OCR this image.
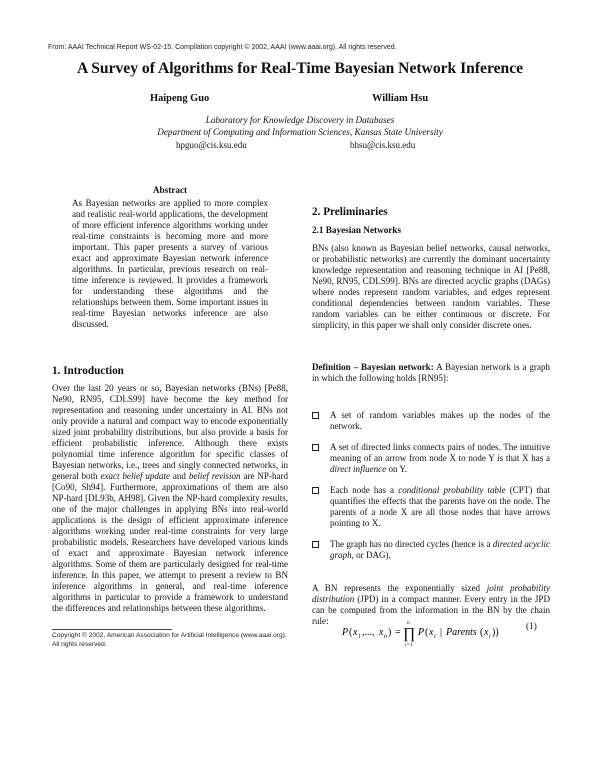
From: AAAI Technical Report WS-02-15. Compilation copyright © 2002, AAAI (www.aaai.org). All rights reserved.
A Survey of Algorithms for Real-Time Bayesian Network Inference
Haipeng Guo	William Hsu
Laboratory for Knowledge Discovery in Databases
Department of Computing and Information Sciences, Kansas State University
hpguo@cis.ksu.edu	bhsu@cis.ksu.edu
Abstract
As Bayesian networks are applied to more complex and realistic real-world applications, the development of more efficient inference algorithms working under real-time constraints is becoming more and more important. This paper presents a survey of various exact and approximate Bayesian network inference algorithms. In particular, previous research on real-time inference is reviewed. It provides a framework for understanding these algorithms and the relationships between them. Some important issues in real-time Bayesian networks inference are also discussed.
1. Introduction
Over the last 20 years or so, Bayesian networks (BNs) [Pe88, Ne90, RN95, CDLS99] have become the key method for representation and reasoning under uncertainty in AI. BNs not only provide a natural and compact way to encode exponentially sized joint probability distributions, but also provide a basis for efficient probabilistic inference. Although there exists polynomial time inference algorithm for specific classes of Bayesian networks, i.e., trees and singly connected networks, in general both exact belief update and belief revision are NP-hard [Co90, Sh94]. Furthermore, approximations of them are also NP-hard [DL93b, AH98]. Given the NP-hard complexity results, one of the major challenges in applying BNs into real-world applications is the design of efficient approximate inference algorithms working under real-time constraints for very large probabilistic models. Researchers have developed various kinds of exact and approximate Bayesian network inference algorithms. Some of them are particularly designed for real-time inference. In this paper, we attempt to present a review to BN inference algorithms in general, and real-time inference algorithms in particular to provide a framework to understand the differences and relationships between these algorithms.
Copyright © 2002, American Association for Artificial Intelligence (www.aaai.org). All rights reserved.
2. Preliminaries
2.1 Bayesian Networks
BNs (also known as Bayesian belief networks, causal networks, or probabilistic networks) are currently the dominant uncertainty knowledge representation and reasoning technique in AI [Pe88, Ne90, RN95, CDLS99]. BNs are directed acyclic graphs (DAGs) where nodes represent random variables, and edges represent conditional dependencies between random variables. These random variables can be either continuous or discrete. For simplicity, in this paper we shall only consider discrete ones.
Definition – Bayesian network: A Bayesian network is a graph in which the following holds [RN95]:
A set of random variables makes up the nodes of the network.
A set of directed links connects pairs of nodes. The intuitive meaning of an arrow from node X to node Y is that X has a direct influence on Y.
Each node has a conditional probability table (CPT) that quantifies the effects that the parents have on the node. The parents of a node X are all those nodes that have arrows pointing to X.
The graph has no directed cycles (hence is a directed acyclic graph, or DAG).
A BN represents the exponentially sized joint probability distribution (JPD) in a compact manner. Every entry in the JPD can be computed from the information in the BN by the chain rule:
P ( x 1 ,..., x n ) =
n
∏
i=1
P ( x i | Parents ( x i ))	(1)
